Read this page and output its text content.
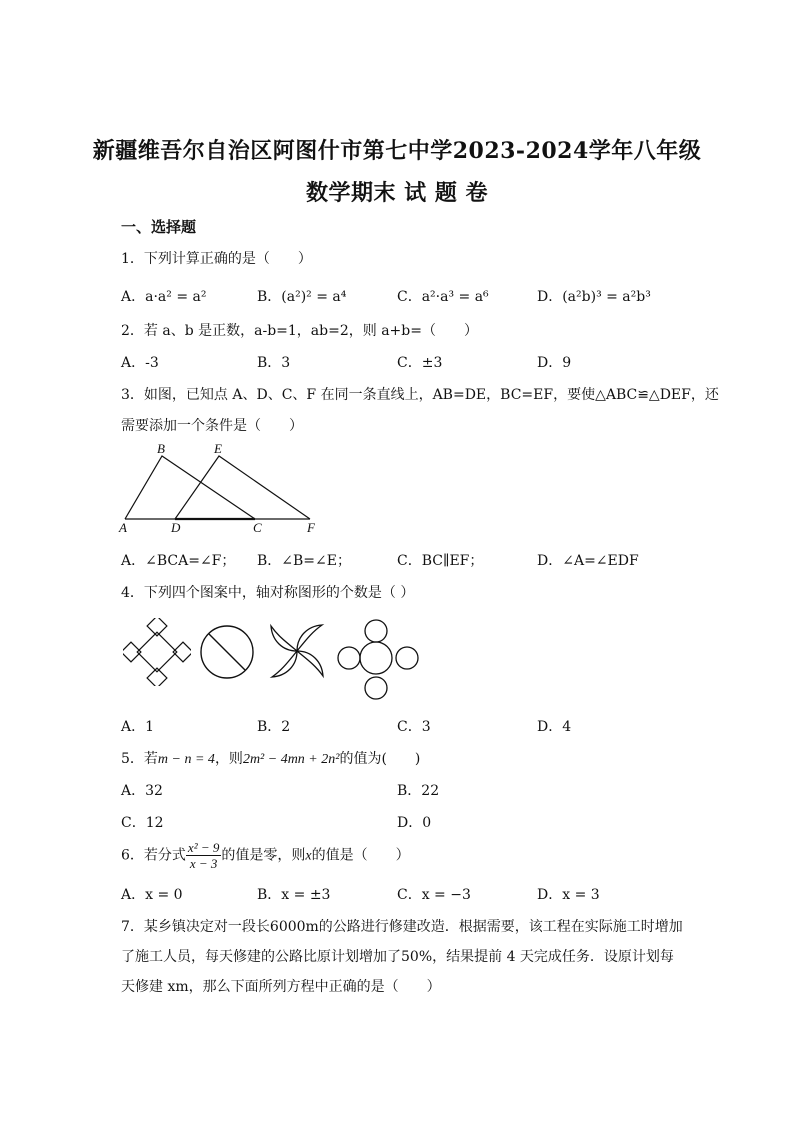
新疆维吾尔自治区阿图什市第七中学2023-2024学年八年级
数学期末 试 题 卷
一、选择题
1．下列计算正确的是（　　）
A．a·a² = a²	B．(a²)² = a⁴	C．a²·a³ = a⁶	D．(a²b)³ = a²b³
2．若 a、b 是正数，a-b=1，ab=2，则 a+b=（　　）
A．-3	B．3	C．±3	D．9
3．如图，已知点 A、D、C、F 在同一条直线上，AB=DE，BC=EF，要使△ABC≌△DEF，还
需要添加一个条件是（　　）
A
B
C
D
E
F
A．∠BCA=∠F； B．∠B=∠E；	C．BC∥EF；	D．∠A=∠EDF
4．下列四个图案中，轴对称图形的个数是（ ）
A．1	B．2	C．3	D．4
5．若m − n = 4，则2m² − 4mn + 2n²的值为(　　)
A．32	B．22
C．12	D．0
6．若分式 $\frac{\text{x² − 9}}{x - 3}$ 的值是零，则x的值是（　　）
A．x = 0	B．x = ±3	C．x = −3	D．x = 3
7．某乡镇决定对一段长6000m的公路进行修建改造．根据需要，该工程在实际施工时增加
了施工人员，每天修建的公路比原计划增加了50%，结果提前 4 天完成任务．设原计划每
天修建 xm，那么下面所列方程中正确的是（　　）
